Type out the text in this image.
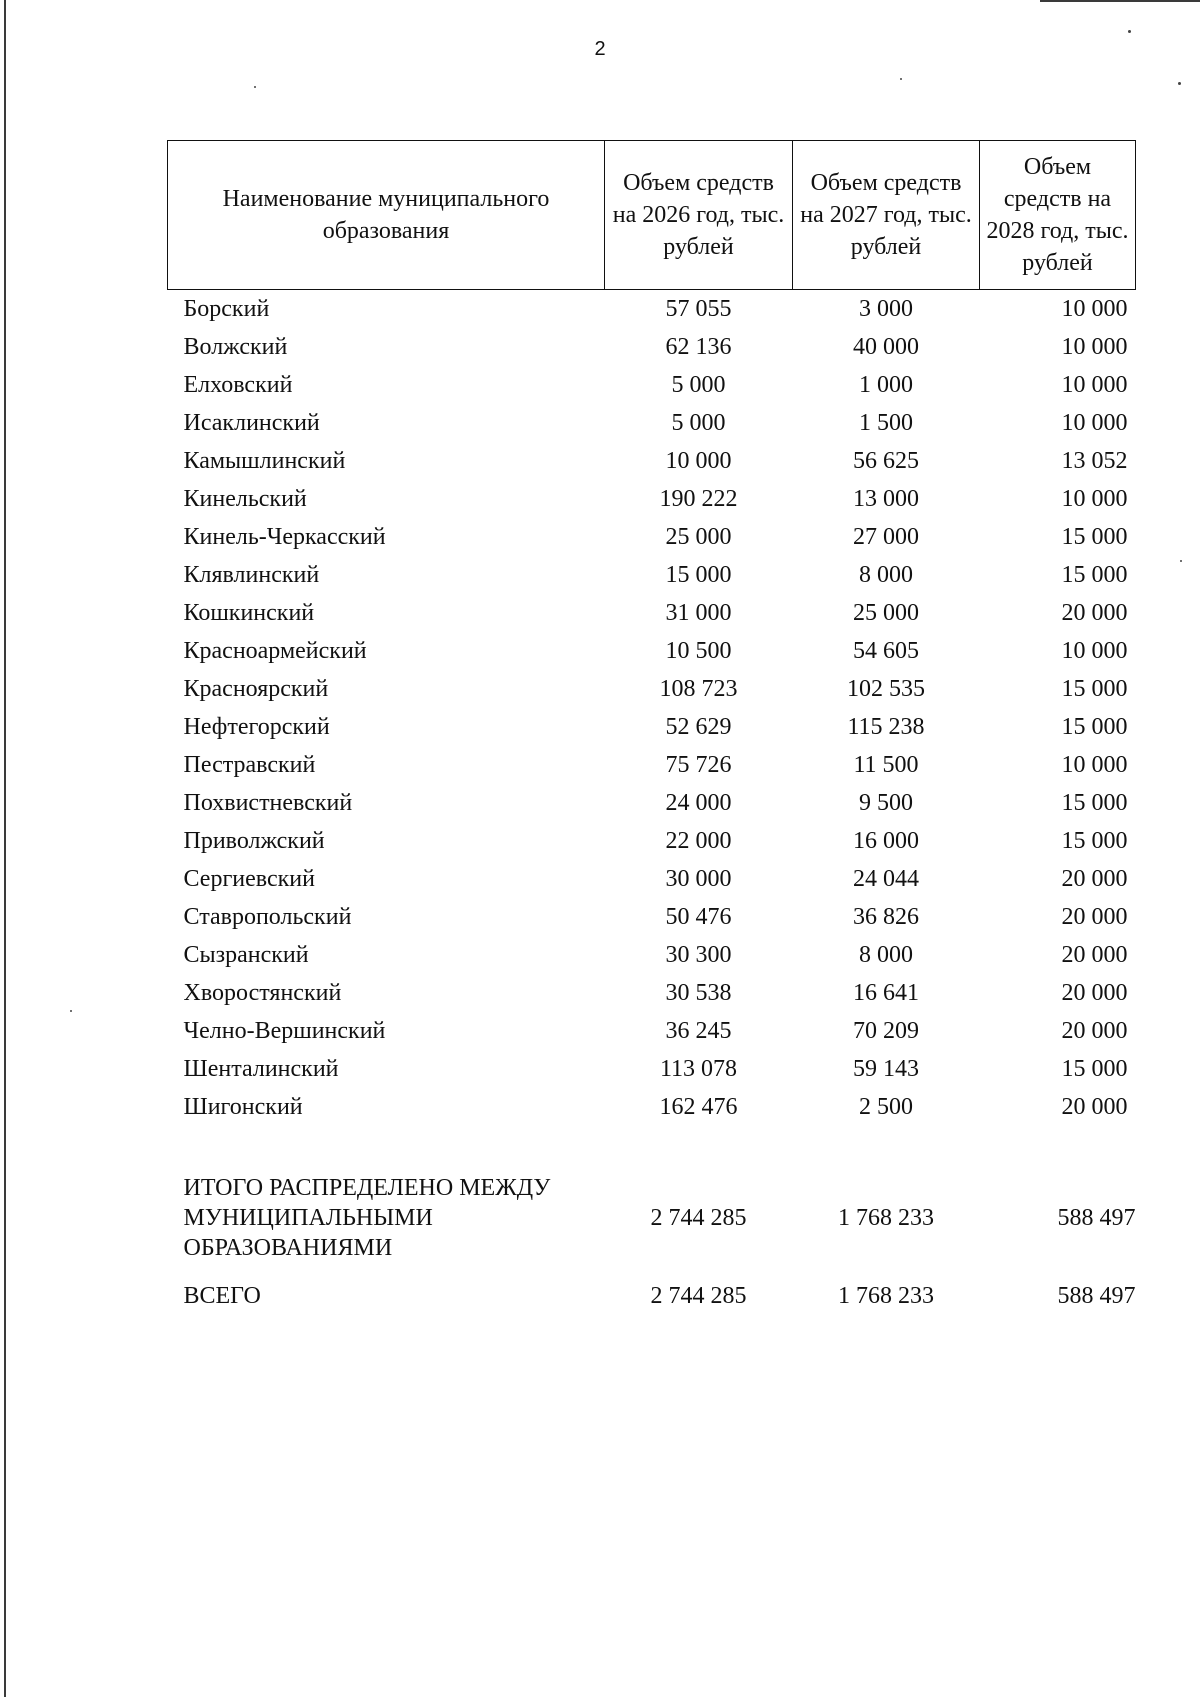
2
Наименование муниципального образования	Объем средств на 2026 год, тыс. рублей	Объем средств на 2027 год, тыс. рублей	Объем средств на 2028 год, тыс. рублей
Борский	57 055	3 000	10 000
Волжский	62 136	40 000	10 000
Елховский	5 000	1 000	10 000
Исаклинский	5 000	1 500	10 000
Камышлинский	10 000	56 625	13 052
Кинельский	190 222	13 000	10 000
Кинель-Черкасский	25 000	27 000	15 000
Клявлинский	15 000	8 000	15 000
Кошкинский	31 000	25 000	20 000
Красноармейский	10 500	54 605	10 000
Красноярский	108 723	102 535	15 000
Нефтегорский	52 629	115 238	15 000
Пестравский	75 726	11 500	10 000
Похвистневский	24 000	9 500	15 000
Приволжский	22 000	16 000	15 000
Сергиевский	30 000	24 044	20 000
Ставропольский	50 476	36 826	20 000
Сызранский	30 300	8 000	20 000
Хворостянский	30 538	16 641	20 000
Челно-Вершинский	36 245	70 209	20 000
Шенталинский	113 078	59 143	15 000
Шигонский	162 476	2 500	20 000

ИТОГО РАСПРЕДЕЛЕНО МЕЖДУ МУНИЦИПАЛЬНЫМИ ОБРАЗОВАНИЯМИ	2 744 285	1 768 233	588 497
ВСЕГО	2 744 285	1 768 233	588 497
